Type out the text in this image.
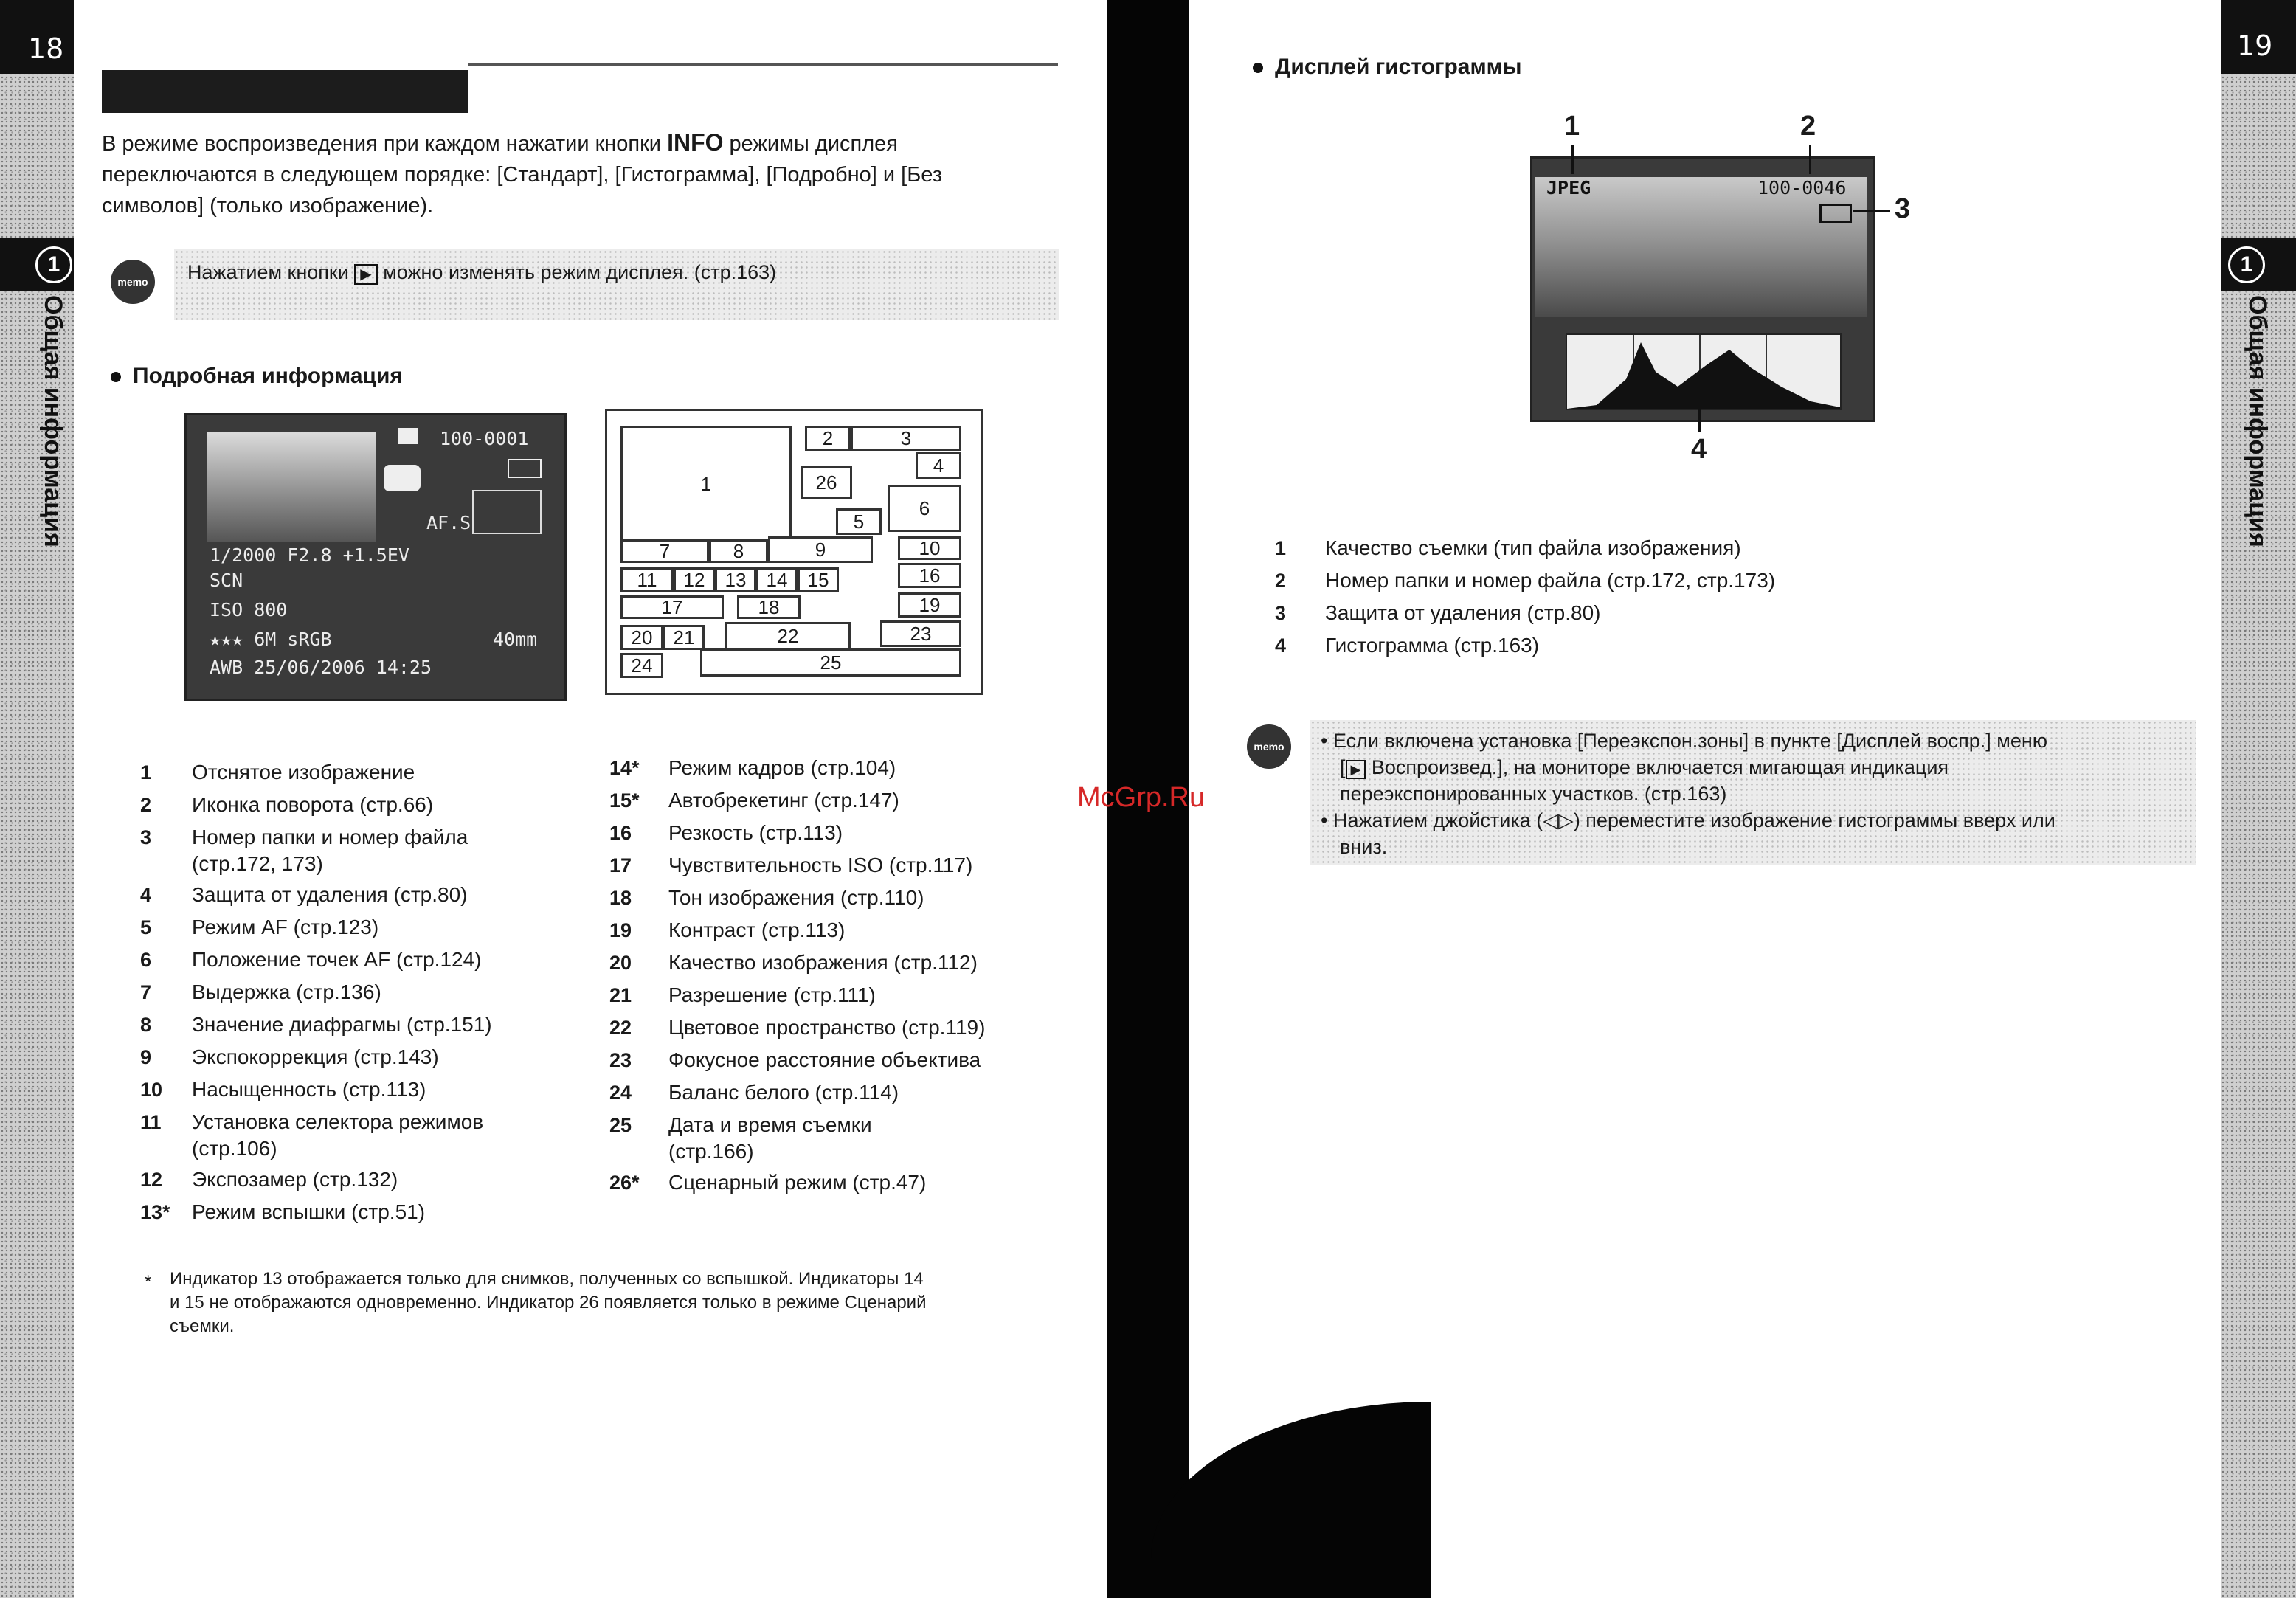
18
1
Общая информация
19
1
Общая информация
В режиме воспроизведения при каждом нажатии кнопки INFO режимы дисплея
переключаются в следующем порядке: [Стандарт], [Гистограмма], [Подробно] и [Без
символов] (только изображение).
memo	Нажатием кнопки ▶ можно изменять режим дисплея. (стр.163)
Подробная информация
100-0001
AF.S
1/2000 F2.8 +1.5EV
SCN
ISO 800
★★★ 6M sRGB	40mm
AWB 25/06/2006 14:25
1
2	3
4
5
6
7	8	9	10
11	12	13	14	15	16
17	18	19
20	21	22	23
24	25
26
1 Отснятое изображение
2 Иконка поворота (стр.66)
3 Номер папки и номер файла
(стр.172, 173)
4 Защита от удаления (стр.80)
5 Режим AF (стр.123)
6 Положение точек AF (стр.124)
7 Выдержка (стр.136)
8 Значение диафрагмы (стр.151)
9 Экспокоррекция (стр.143)
10 Насыщенность (стр.113)
11 Установка селектора режимов
(стр.106)
12 Экспозамер (стр.132)
13* Режим вспышки (стр.51)
14* Режим кадров (стр.104)
15* Автобрекетинг (стр.147)
16 Резкость (стр.113)
17 Чувствительность ISO (стр.117)
18 Тон изображения (стр.110)
19 Контраст (стр.113)
20 Качество изображения (стр.112)
21 Разрешение (стр.111)
22 Цветовое пространство (стр.119)
23 Фокусное расстояние объектива
24 Баланс белого (стр.114)
25 Дата и время съемки
(стр.166)
26* Сценарный режим (стр.47)
* Индикатор 13 отображается только для снимков, полученных со вспышкой. Индикаторы 14
и 15 не отображаются одновременно. Индикатор 26 появляется только в режиме Сценарий
съемки.
Дисплей гистограммы
JPEG	100-0046
1	2
3
4
1 Качество съемки (тип файла изображения)
2 Номер папки и номер файла (стр.172, стр.173)
3 Защита от удаления (стр.80)
4 Гистограмма (стр.163)
memo	• Если включена установка [Переэкспон.зоны] в пункте [Дисплей воспр.] меню
[ ▶ Воспроизвед.], на мониторе включается мигающая индикация
переэкспонированных участков. (стр.163)
• Нажатием джойстика (◁▷) переместите изображение гистограммы вверх или
вниз.
McGrp.Ru
